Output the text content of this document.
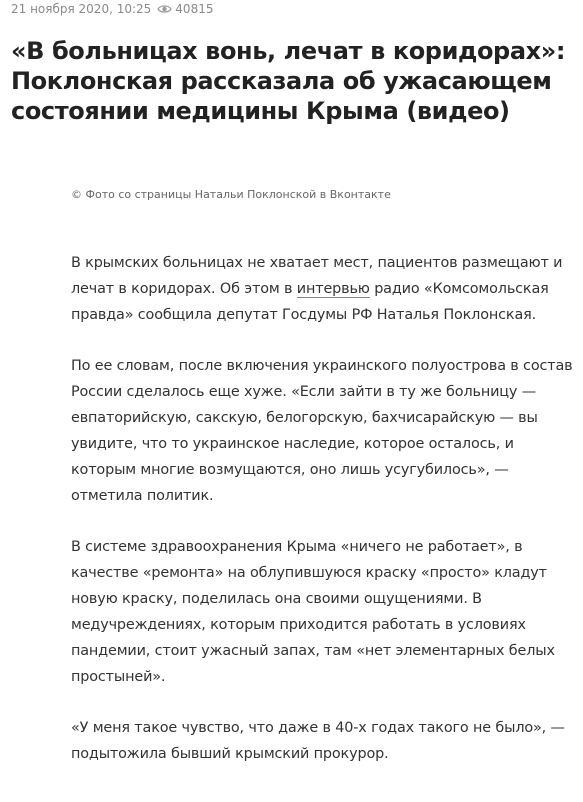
21 ноября 2020, 10:25 40815
«В больницах вонь, лечат в коридорах»: Поклонская рассказала об ужасающем состоянии медицины Крыма (видео)
© Фото со страницы Натальи Поклонской в Вконтакте

В крымских больницах не хватает мест, пациентов размещают и лечат в коридорах. Об этом в интервью радио «Комсомольская правда» сообщила депутат Госдумы РФ Наталья Поклонская.

По ее словам, после включения украинского полуострова в состав России сделалось еще хуже. «Если зайти в ту же больницу — евпаторийскую, сакскую, белогорскую, бахчисарайскую — вы увидите, что то украинское наследие, которое осталось, и которым многие возмущаются, оно лишь усугубилось», — отметила политик.

В системе здравоохранения Крыма «ничего не работает», в качестве «ремонта» на облупившуюся краску «просто» кладут новую краску, поделилась она своими ощущениями. В медучреждениях, которым приходится работать в условиях пандемии, стоит ужасный запах, там «нет элементарных белых простыней».

«У меня такое чувство, что даже в 40-х годах такого не было», — подытожила бывший крымский прокурор.
